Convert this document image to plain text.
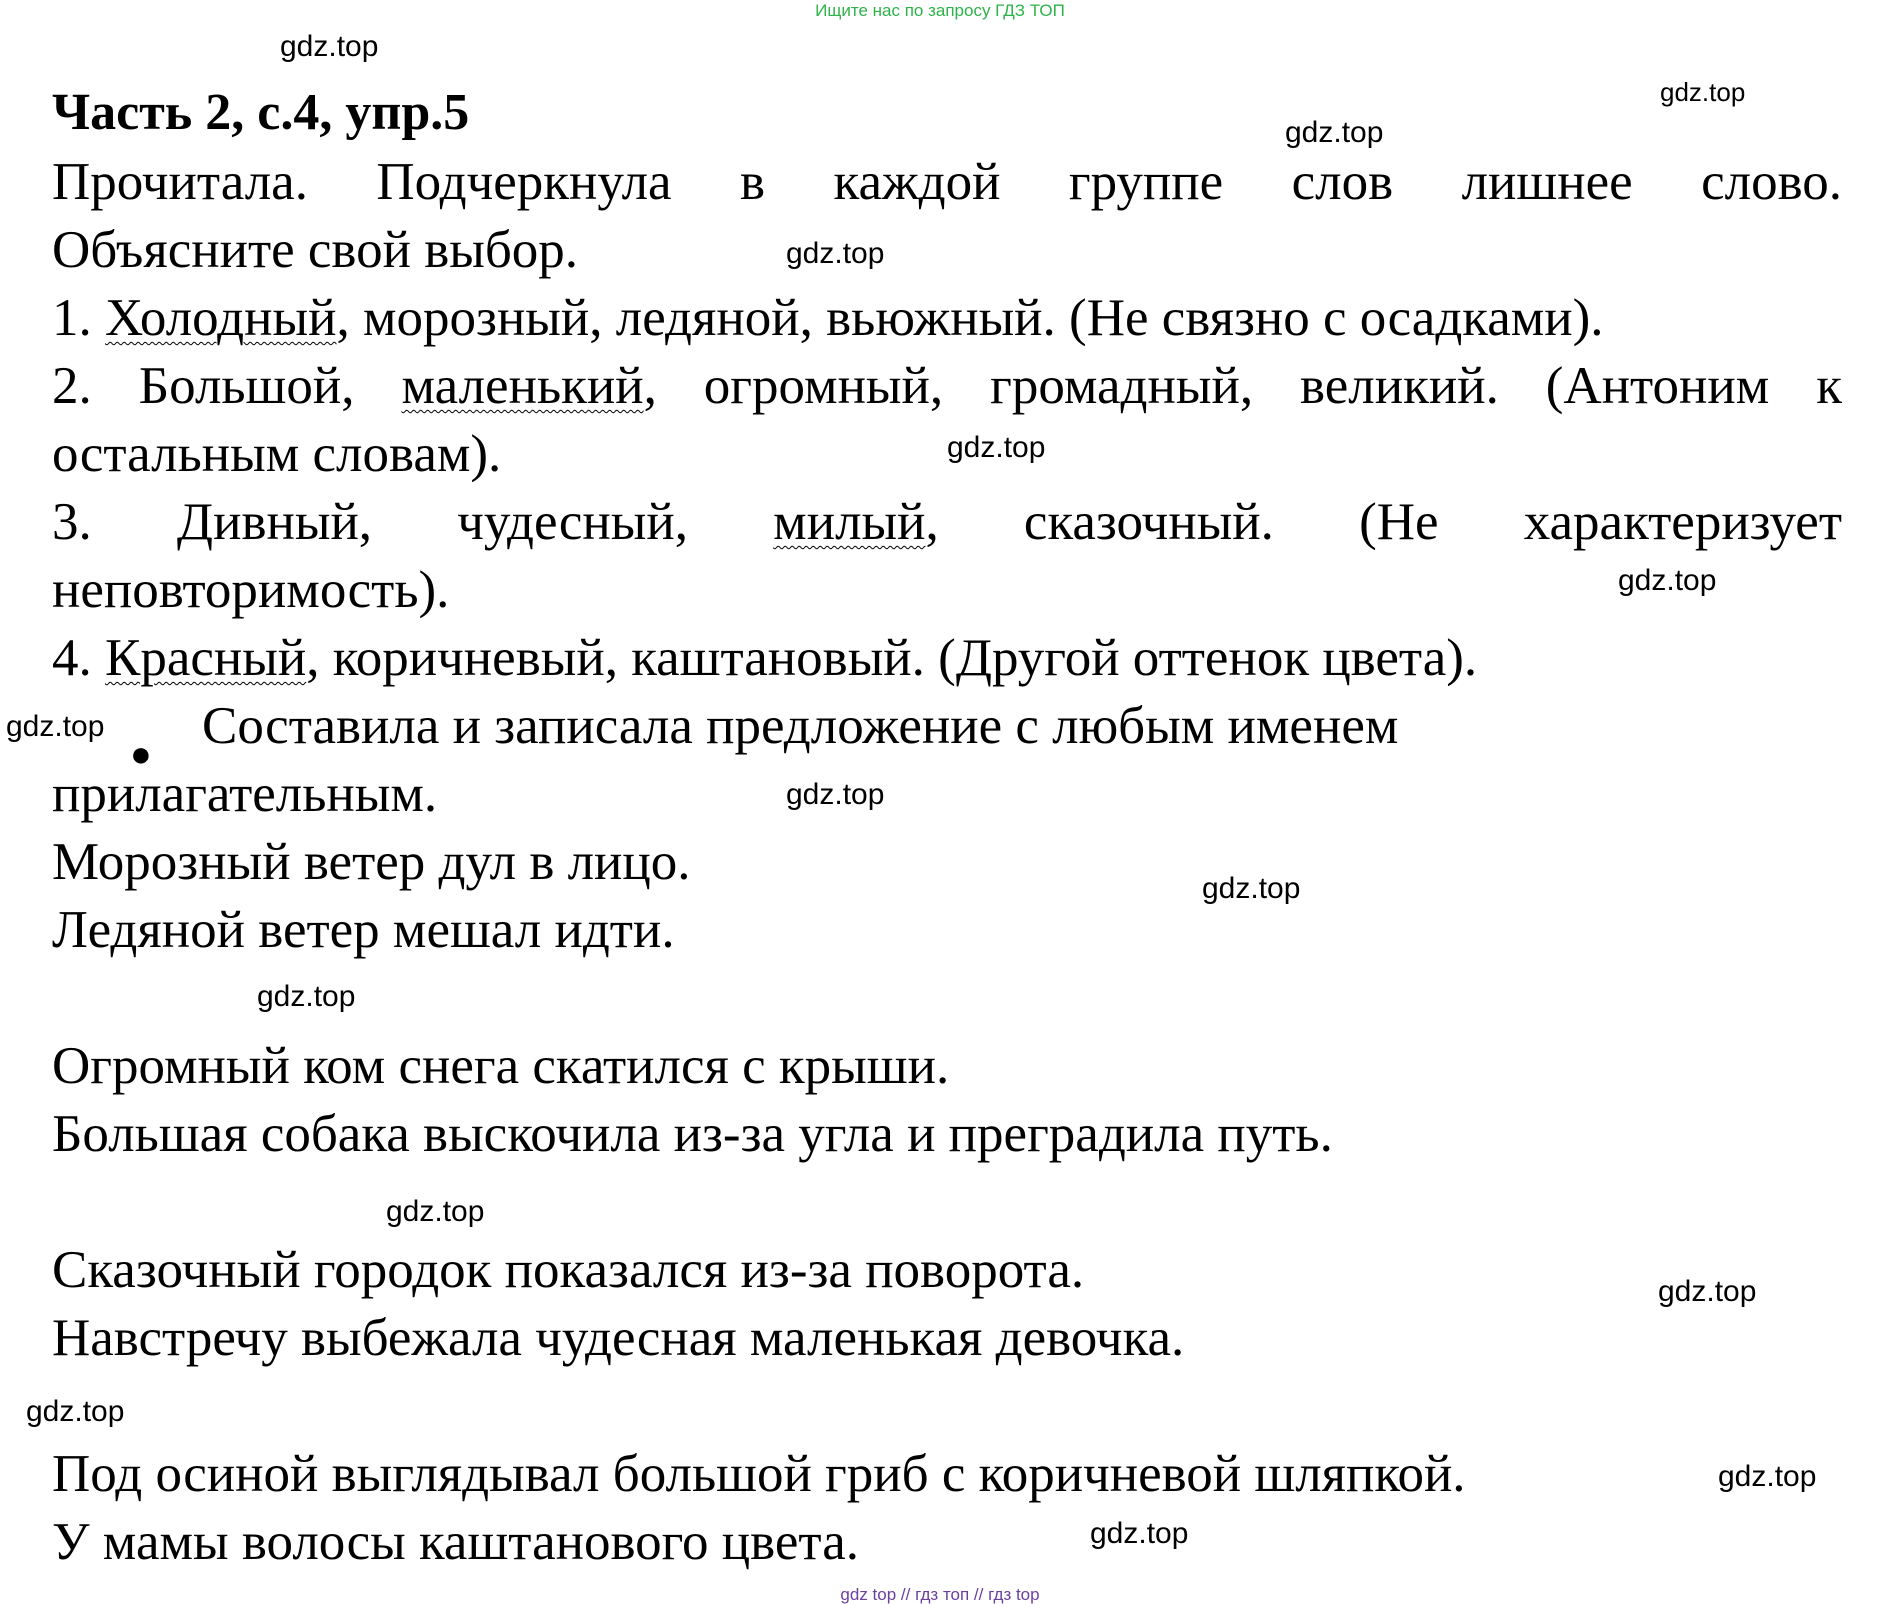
Ищите нас по запросу ГДЗ ТОП
Часть 2, с.4, упр.5
Прочитала. Подчеркнула в каждой группе слов лишнее слово.
Объясните свой выбор.
1. Холодный, морозный, ледяной, вьюжный. (Не связно с осадками).
2. Большой, маленький, огромный, громадный, великий. (Антоним к
остальным словам).
3. Дивный, чудесный, милый, сказочный. (Не характеризует
неповторимость).
4. Красный, коричневый, каштановый. (Другой оттенок цвета).
● Составила и записала предложение с любым именем
прилагательным.
Морозный ветер дул в лицо.
Ледяной ветер мешал идти.
Огромный ком снега скатился с крыши.
Большая собака выскочила из-за угла и преградила путь.
Сказочный городок показался из-за поворота.
Навстречу выбежала чудесная маленькая девочка.
Под осиной выглядывал большой гриб с коричневой шляпкой.
У мамы волосы каштанового цвета.
gdz.top
gdz.top
gdz.top
gdz.top
gdz.top
gdz.top
gdz.top
gdz.top
gdz.top
gdz.top
gdz.top
gdz.top
gdz.top
gdz.top
gdz.top
gdz top // гдз топ // гдз top
